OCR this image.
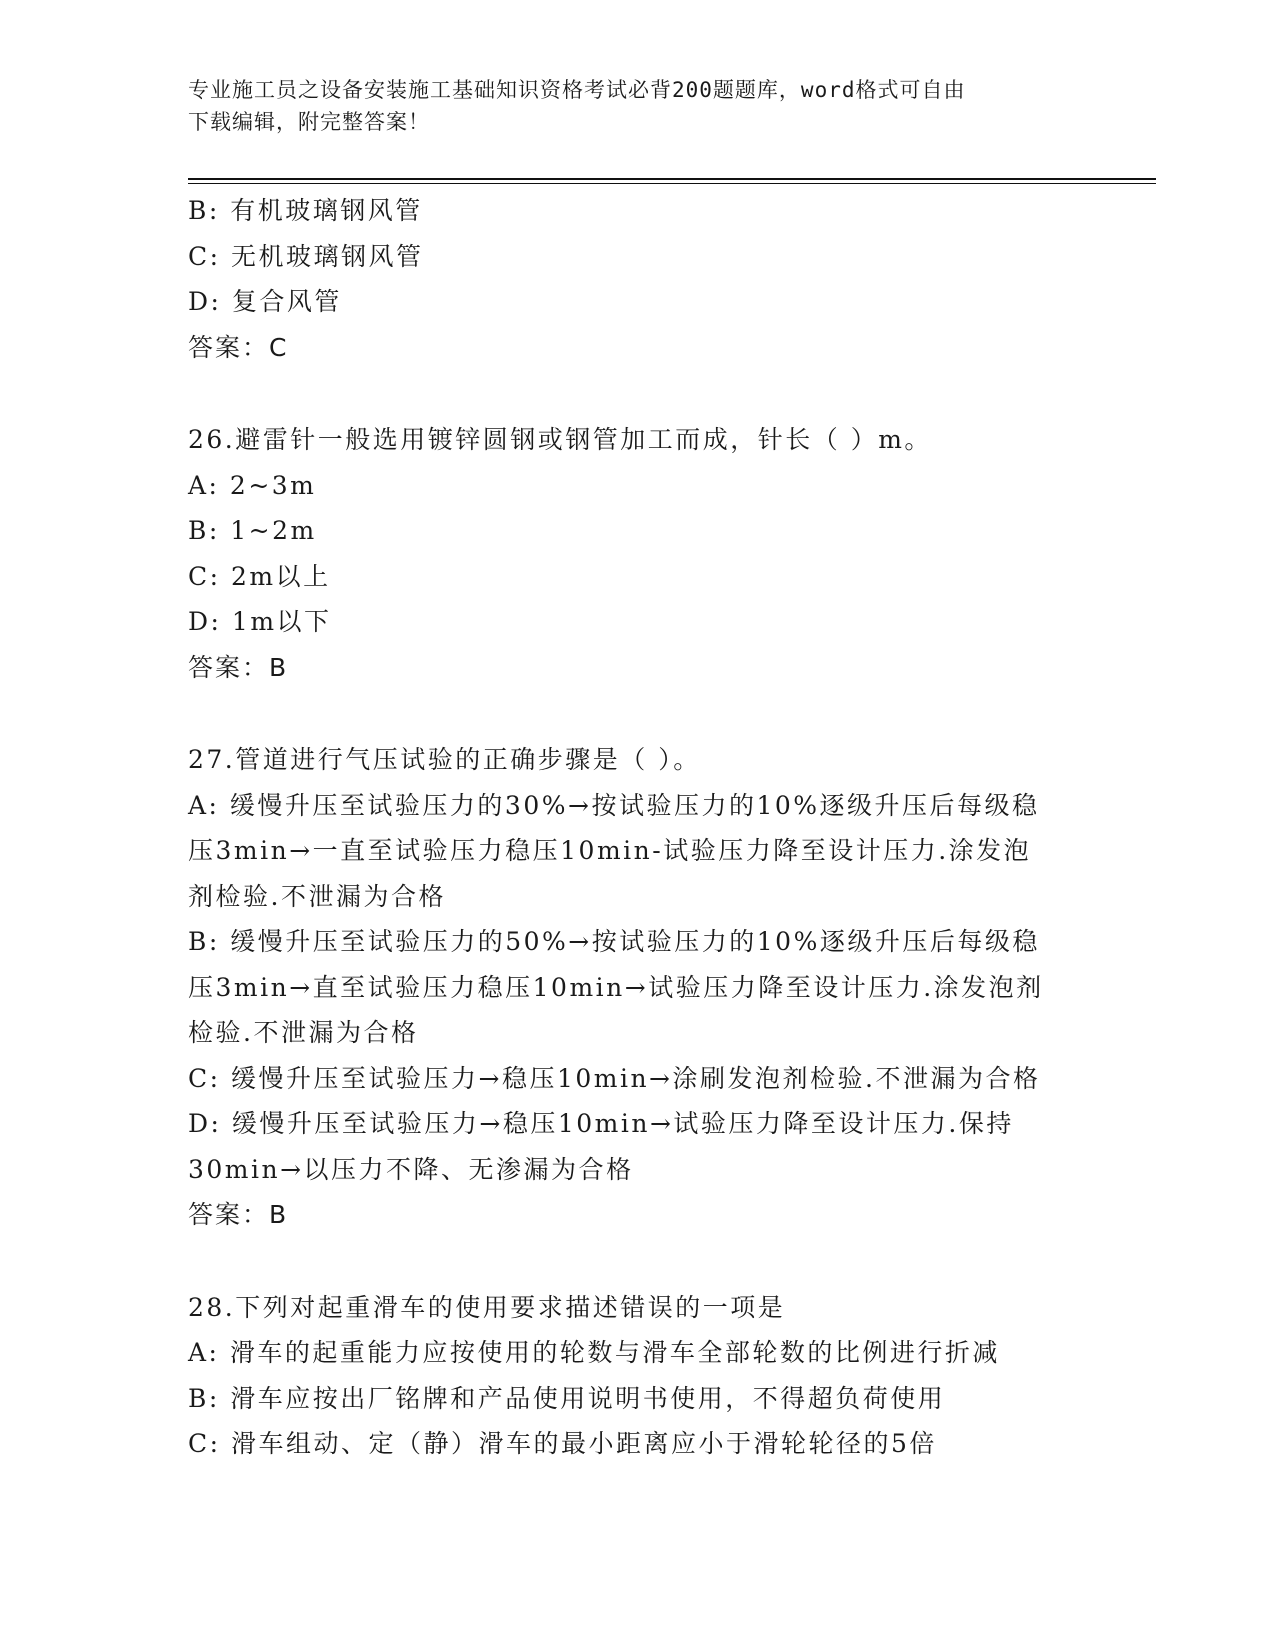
专业施工员之设备安装施工基础知识资格考试必背200题题库，word格式可自由
下载编辑，附完整答案！
B: 有机玻璃钢风管
C: 无机玻璃钢风管
D: 复合风管
答案：C
26.避雷针一般选用镀锌圆钢或钢管加工而成，针长（ ）m。
A: 2~3m
B: 1~2m
C: 2m以上
D: 1m以下
答案：B
27.管道进行气压试验的正确步骤是（ ）。
A: 缓慢升压至试验压力的30%→按试验压力的10%逐级升压后每级稳
压3min→一直至试验压力稳压10min-试验压力降至设计压力.涂发泡
剂检验.不泄漏为合格
B: 缓慢升压至试验压力的50%→按试验压力的10%逐级升压后每级稳
压3min→直至试验压力稳压10min→试验压力降至设计压力.涂发泡剂
检验.不泄漏为合格
C: 缓慢升压至试验压力→稳压10min→涂刷发泡剂检验.不泄漏为合格
D: 缓慢升压至试验压力→稳压10min→试验压力降至设计压力.保持
30min→以压力不降、无渗漏为合格
答案：B
28.下列对起重滑车的使用要求描述错误的一项是
A: 滑车的起重能力应按使用的轮数与滑车全部轮数的比例进行折减
B: 滑车应按出厂铭牌和产品使用说明书使用，不得超负荷使用
C: 滑车组动、定（静）滑车的最小距离应小于滑轮轮径的5倍
